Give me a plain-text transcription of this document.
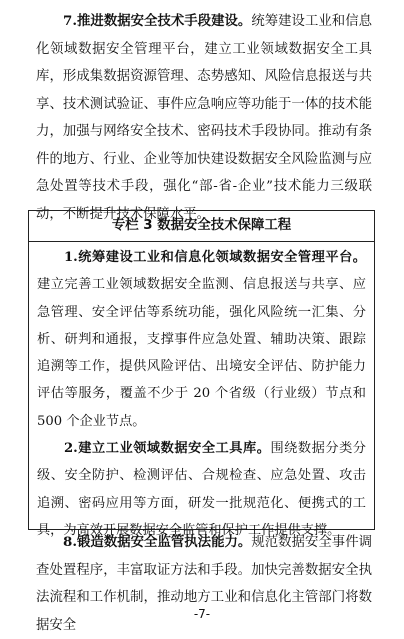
7.推进数据安全技术手段建设。统筹建设工业和信息化领域数据安全管理平台，建立工业领域数据安全工具库，形成集数据资源管理、态势感知、风险信息报送与共享、技术测试验证、事件应急响应等功能于一体的技术能力，加强与网络安全技术、密码技术手段协同。推动有条件的地方、行业、企业等加快建设数据安全风险监测与应急处置等技术手段，强化“部-省-企业”技术能力三级联动，不断提升技术保障水平。

专栏 3 数据安全技术保障工程

1.统筹建设工业和信息化领域数据安全管理平台。建立完善工业领域数据安全监测、信息报送与共享、应急管理、安全评估等系统功能，强化风险统一汇集、分析、研判和通报，支撑事件应急处置、辅助决策、跟踪追溯等工作，提供风险评估、出境安全评估、防护能力评估等服务，覆盖不少于 20 个省级（行业级）节点和 500 个企业节点。

2.建立工业领域数据安全工具库。围绕数据分类分级、安全防护、检测评估、合规检查、应急处置、攻击追溯、密码应用等方面，研发一批规范化、便携式的工具，为高效开展数据安全监管和保护工作提供支撑。

8.锻造数据安全监管执法能力。规范数据安全事件调查处置程序，丰富取证方法和手段。加快完善数据安全执法流程和工作机制，推动地方工业和信息化主管部门将数据安全

-7-
